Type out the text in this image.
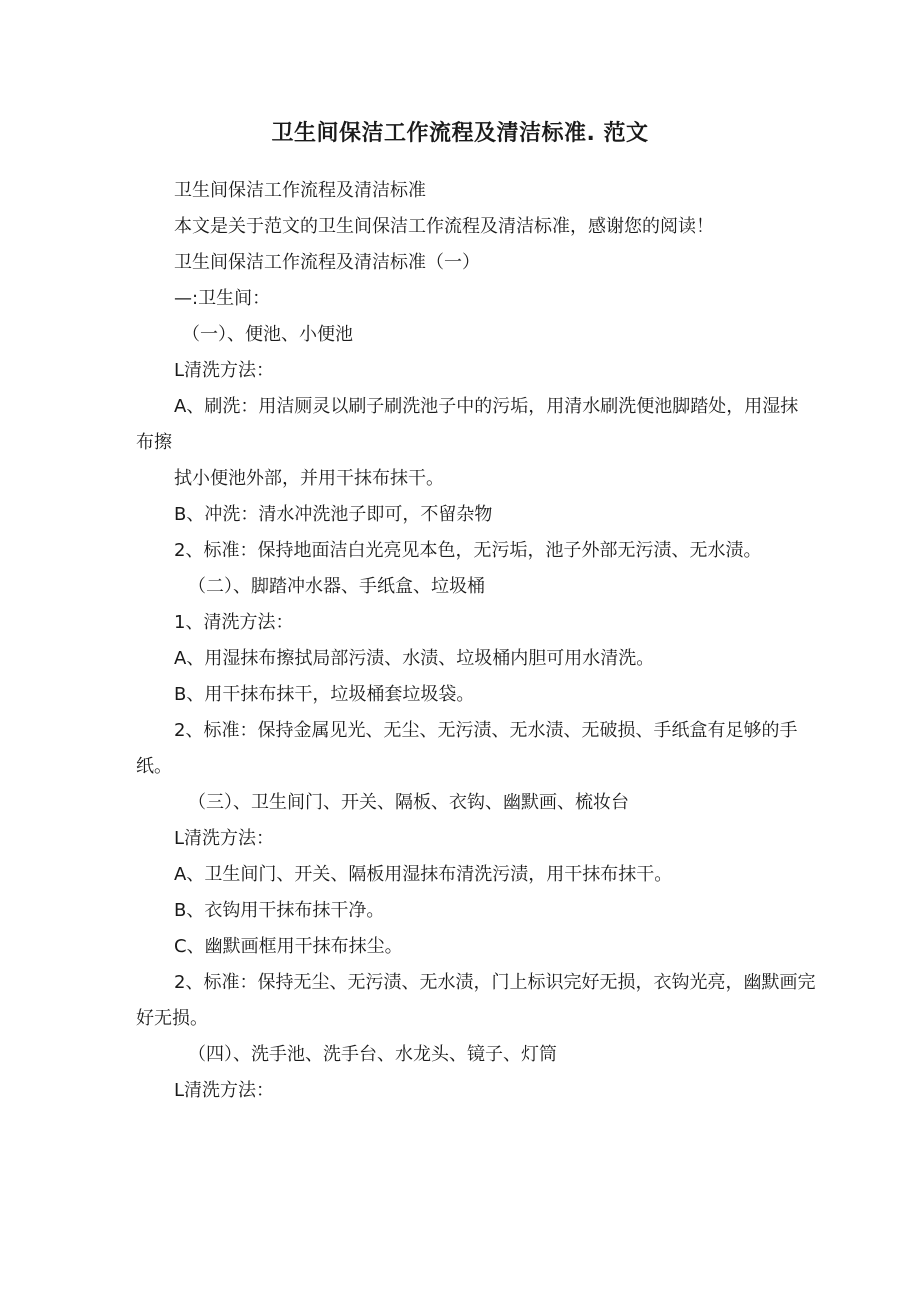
卫生间保洁工作流程及清洁标准. 范文
卫生间保洁工作流程及清洁标准
本文是关于范文的卫生间保洁工作流程及清洁标准，感谢您的阅读！
卫生间保洁工作流程及清洁标准（一）
—:卫生间：
（一）、便池、小便池
L清洗方法：
A、刷洗：用洁厕灵以刷子刷洗池子中的污垢，用清水刷洗便池脚踏处，用湿抹布擦
拭小便池外部，并用干抹布抹干。
B、冲洗：清水冲洗池子即可，不留杂物
2、标准：保持地面洁白光亮见本色，无污垢，池子外部无污渍、无水渍。
（二）、脚踏冲水器、手纸盒、垃圾桶
1、清洗方法：
A、用湿抹布擦拭局部污渍、水渍、垃圾桶内胆可用水清洗。
B、用干抹布抹干，垃圾桶套垃圾袋。
2、标准：保持金属见光、无尘、无污渍、无水渍、无破损、手纸盒有足够的手纸。
（三）、卫生间门、开关、隔板、衣钩、幽默画、梳妆台
L清洗方法：
A、卫生间门、开关、隔板用湿抹布清洗污渍，用干抹布抹干。
B、衣钩用干抹布抹干净。
C、幽默画框用干抹布抹尘。
2、标准：保持无尘、无污渍、无水渍，门上标识完好无损，衣钩光亮，幽默画完好无损。
（四）、洗手池、洗手台、水龙头、镜子、灯筒
L清洗方法：
